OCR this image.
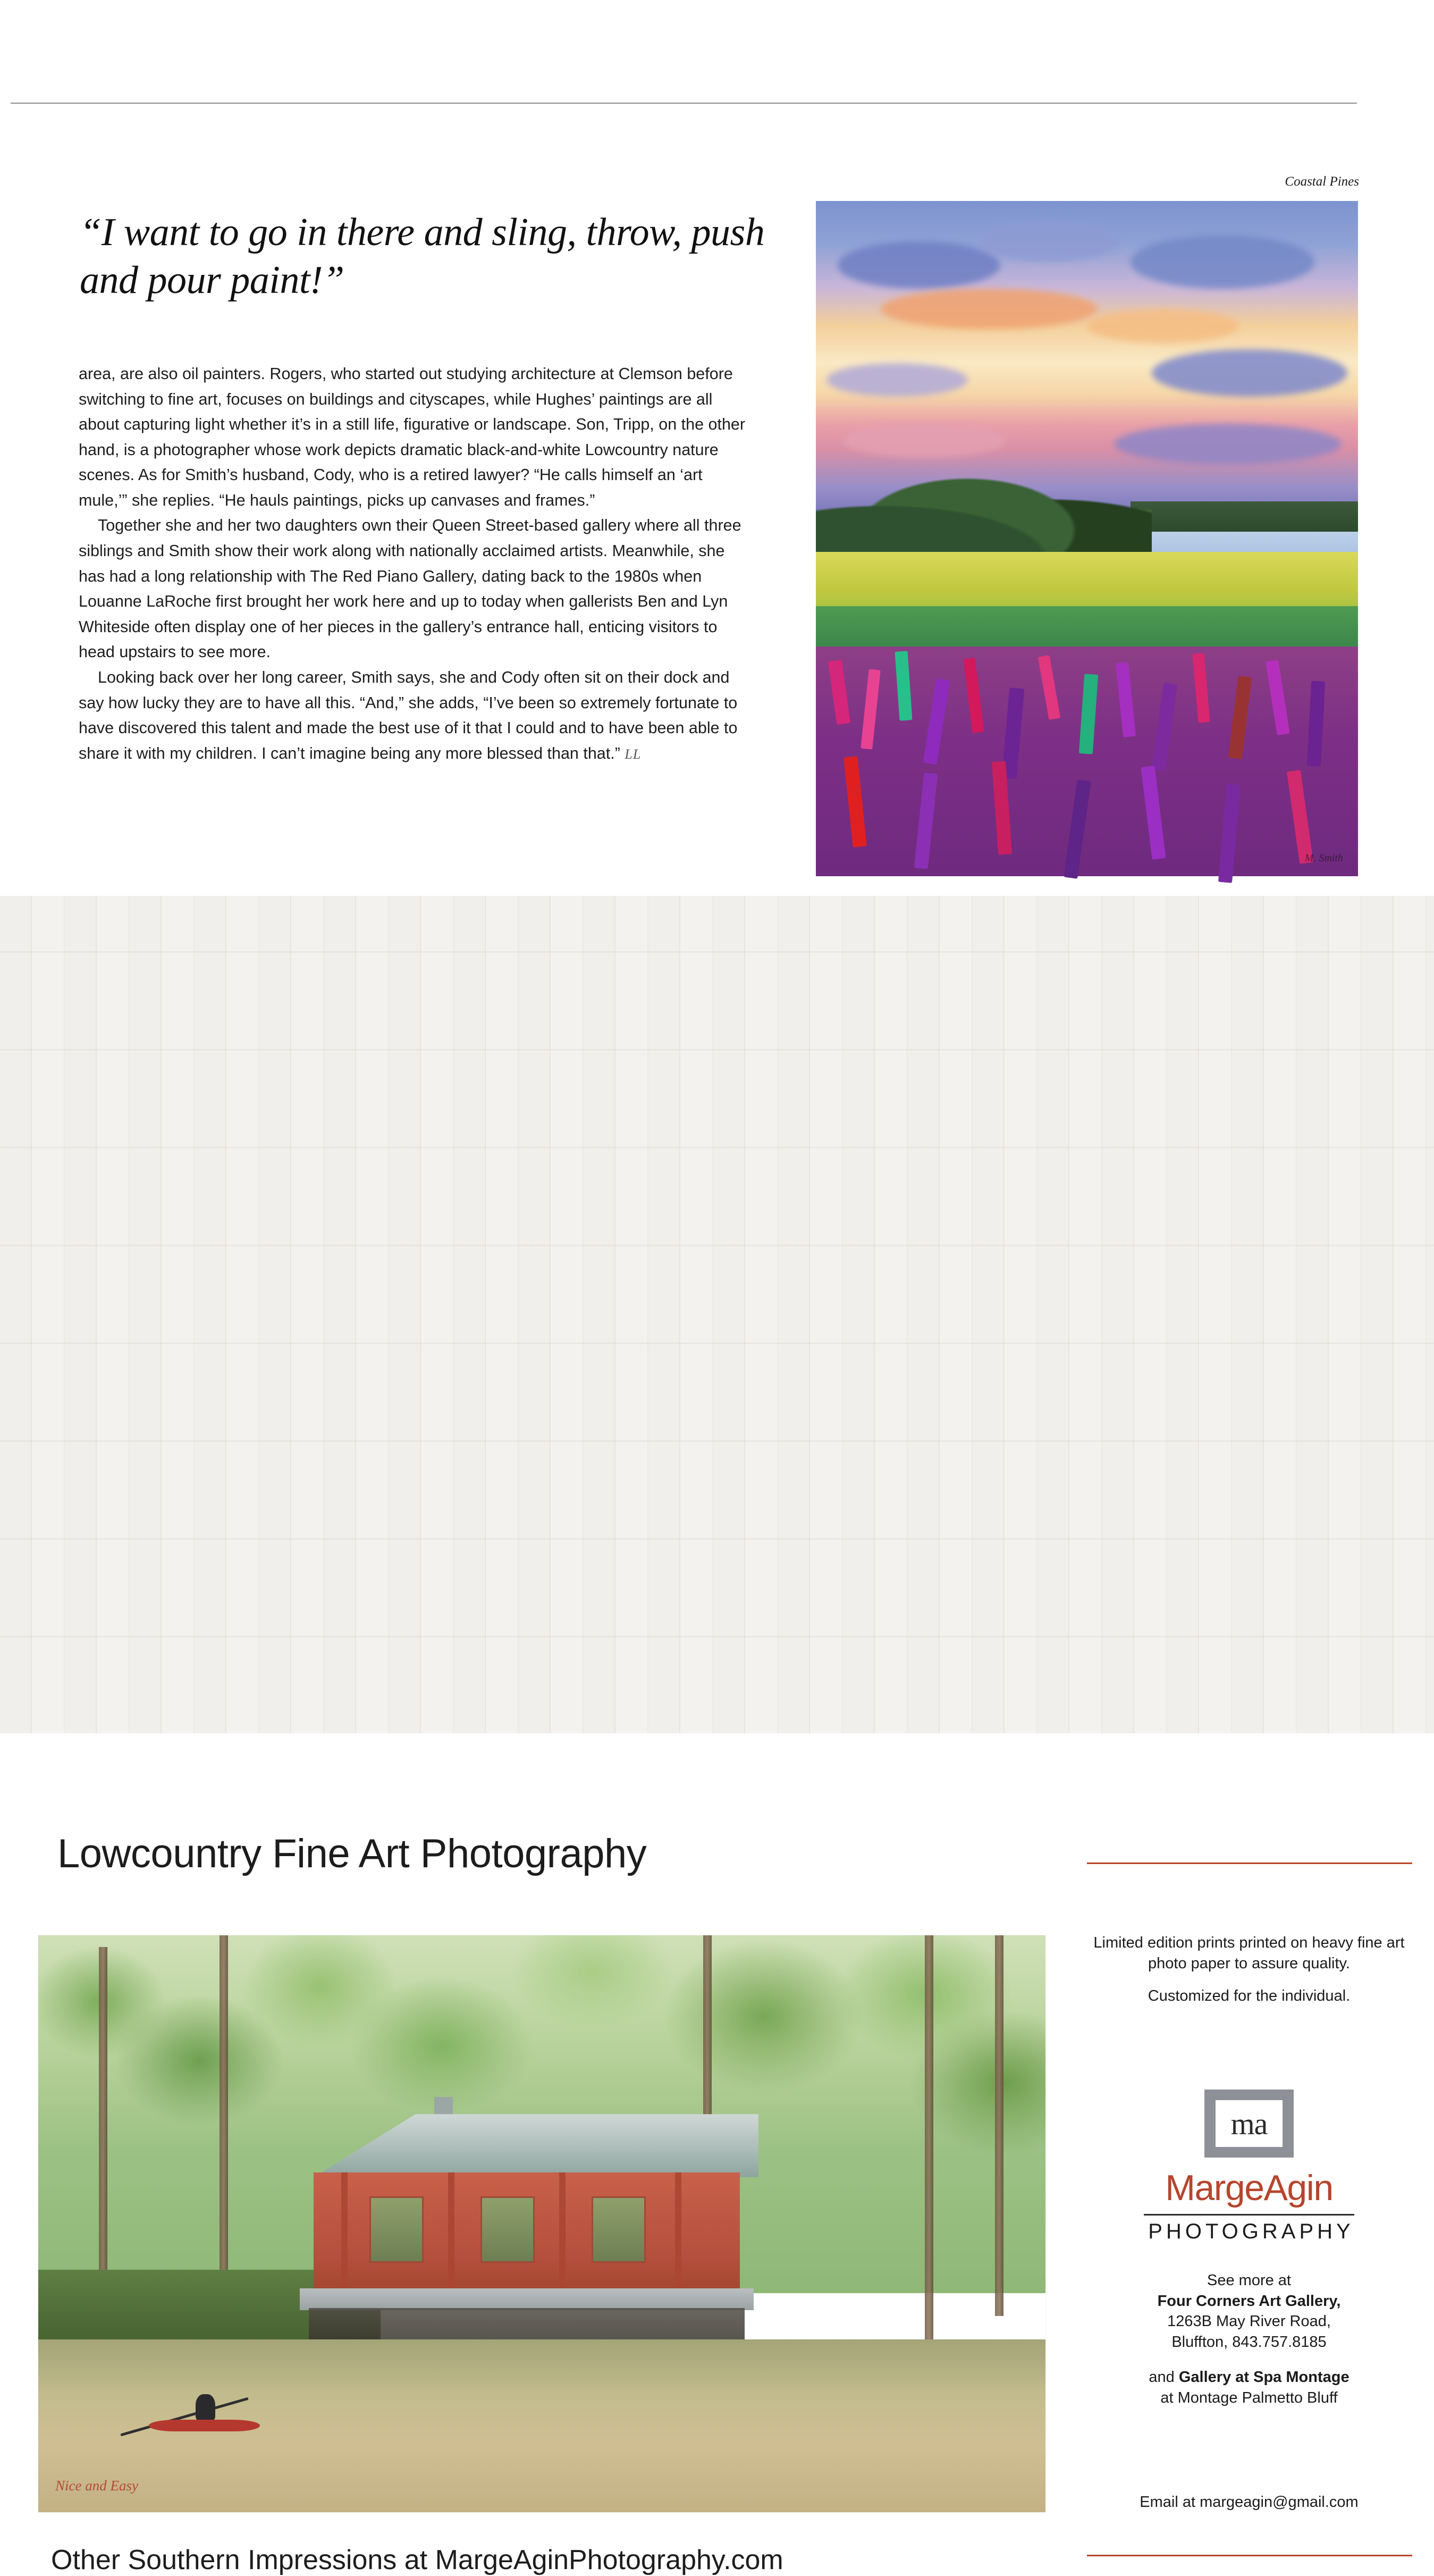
“I want to go in there and sling, throw, push and pour paint!”

area, are also oil painters. Rogers, who started out studying architecture at Clemson before switching to fine art, focuses on buildings and cityscapes, while Hughes’ paintings are all about capturing light whether it’s in a still life, figurative or landscape. Son, Tripp, on the other hand, is a photographer whose work depicts dramatic black-and-white Lowcountry nature scenes. As for Smith’s husband, Cody, who is a retired lawyer? “He calls himself an ‘art mule,’” she replies. “He hauls paintings, picks up canvases and frames.”

Together she and her two daughters own their Queen Street-based gallery where all three siblings and Smith show their work along with nationally acclaimed artists. Meanwhile, she has had a long relationship with The Red Piano Gallery, dating back to the 1980s when Louanne LaRoche first brought her work here and up to today when gallerists Ben and Lyn Whiteside often display one of her pieces in the gallery’s entrance hall, enticing visitors to head upstairs to see more.

Looking back over her long career, Smith says, she and Cody often sit on their dock and say how lucky they are to have all this. “And,” she adds, “I’ve been so extremely fortunate to have discovered this talent and made the best use of it that I could and to have been able to share it with my children. I can’t imagine being any more blessed than that.” LL

Coastal Pines
M. Smith
Lowcountry Fine Art Photography
Nice and Easy

Limited edition prints printed on heavy fine art photo paper to assure quality.

Customized for the individual.

ma
MargeAgin
PHOTOGRAPHY
See more at
Four Corners Art Gallery,
1263B May River Road,
Bluffton, 843.757.8185
and Gallery at Spa Montage
at Montage Palmetto Bluff
Email at margeagin@gmail.com
Other Southern Impressions at MargeAginPhotography.com
